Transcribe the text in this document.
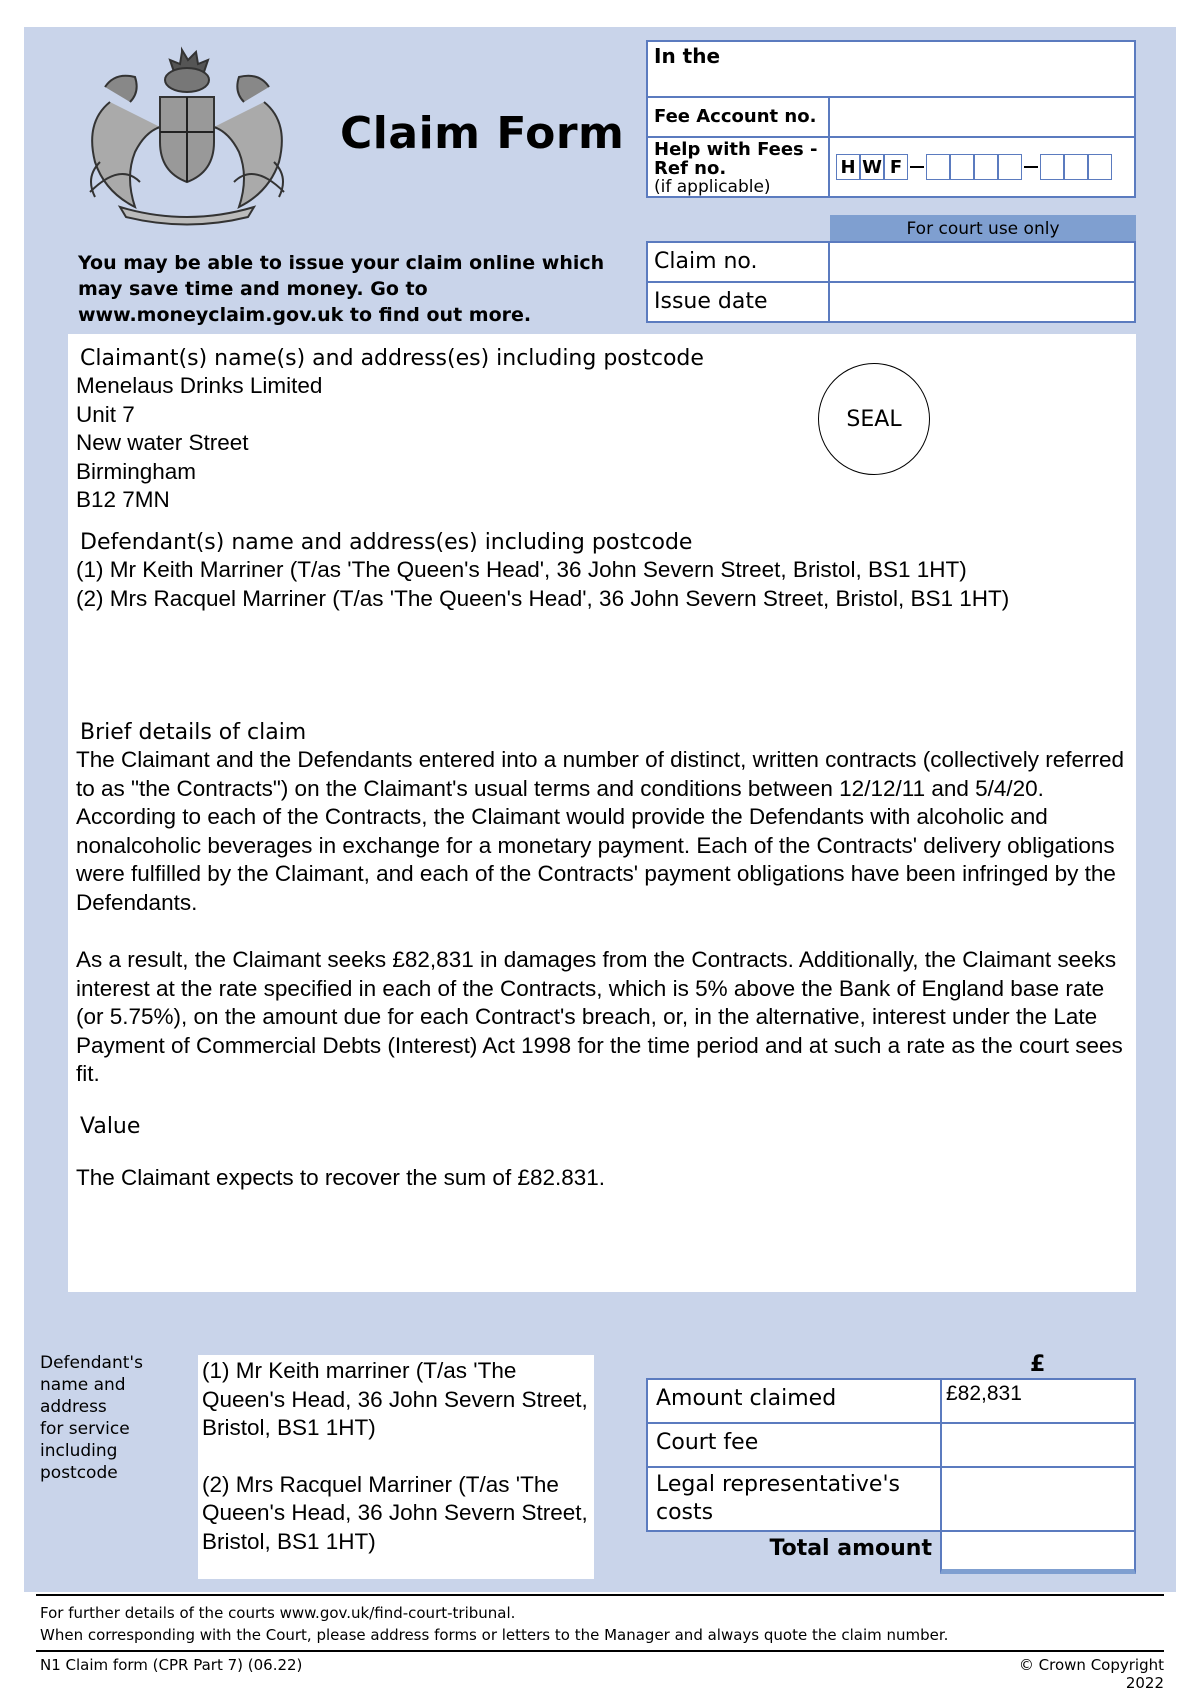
Claim Form
You may be able to issue your claim online which may save time and money. Go to www.moneyclaim.gov.uk to find out more.
In the
Fee Account no.
Help with Fees -
Ref no.
(if applicable)
H W F
For court use only
Claim no.
Issue date
Claimant(s) name(s) and address(es) including postcode
Menelaus Drinks Limited
Unit 7
New water Street
Birmingham
B12 7MN
Defendant(s) name and address(es) including postcode
(1) Mr Keith Marriner (T/as 'The Queen's Head', 36 John Severn Street, Bristol, BS1 1HT)
(2) Mrs Racquel Marriner (T/as 'The Queen's Head', 36 John Severn Street, Bristol, BS1 1HT)
Brief details of claim
The Claimant and the Defendants entered into a number of distinct, written contracts (collectively referred to as "the Contracts") on the Claimant's usual terms and conditions between 12/12/11 and 5/4/20. According to each of the Contracts, the Claimant would provide the Defendants with alcoholic and nonalcoholic beverages in exchange for a monetary payment. Each of the Contracts' delivery obligations were fulfilled by the Claimant, and each of the Contracts' payment obligations have been infringed by the Defendants.
As a result, the Claimant seeks £82,831 in damages from the Contracts. Additionally, the Claimant seeks interest at the rate specified in each of the Contracts, which is 5% above the Bank of England base rate (or 5.75%), on the amount due for each Contract's breach, or, in the alternative, interest under the Late Payment of Commercial Debts (Interest) Act 1998 for the time period and at such a rate as the court sees fit.
Value
The Claimant expects to recover the sum of £82.831.
SEAL
Defendant's
name and
address
for service
including
postcode
(1) Mr Keith marriner (T/as 'The Queen's Head, 36 John Severn Street, Bristol, BS1 1HT)
(2) Mrs Racquel Marriner (T/as 'The Queen's Head, 36 John Severn Street, Bristol, BS1 1HT)
£
Amount claimed	£82,831
Court fee
Legal representative's costs
Total amount
For further details of the courts www.gov.uk/find-court-tribunal.
When corresponding with the Court, please address forms or letters to the Manager and always quote the claim number.
N1 Claim form (CPR Part 7) (06.22)	© Crown Copyright 2022
